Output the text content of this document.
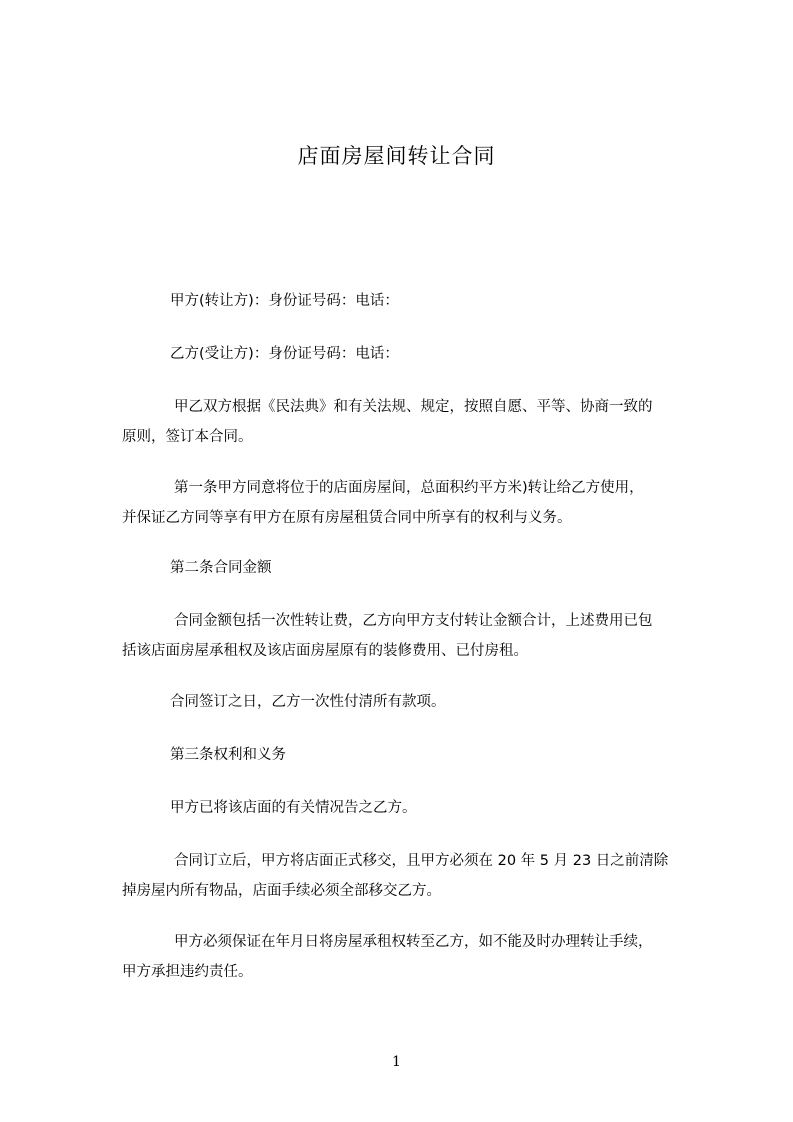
店面房屋间转让合同
甲方(转让方)：身份证号码：电话：
乙方(受让方)：身份证号码：电话：
甲乙双方根据《民法典》和有关法规、规定，按照自愿、平等、协商一致的
原则，签订本合同。
第一条甲方同意将位于的店面房屋间，总面积约平方米)转让给乙方使用，
并保证乙方同等享有甲方在原有房屋租赁合同中所享有的权利与义务。
第二条合同金额
合同金额包括一次性转让费，乙方向甲方支付转让金额合计，上述费用已包
括该店面房屋承租权及该店面房屋原有的装修费用、已付房租。
合同签订之日，乙方一次性付清所有款项。
第三条权利和义务
甲方已将该店面的有关情况告之乙方。
合同订立后，甲方将店面正式移交，且甲方必须在 20 年 5 月 23 日之前清除
掉房屋内所有物品，店面手续必须全部移交乙方。
甲方必须保证在年月日将房屋承租权转至乙方，如不能及时办理转让手续，
甲方承担违约责任。
1
